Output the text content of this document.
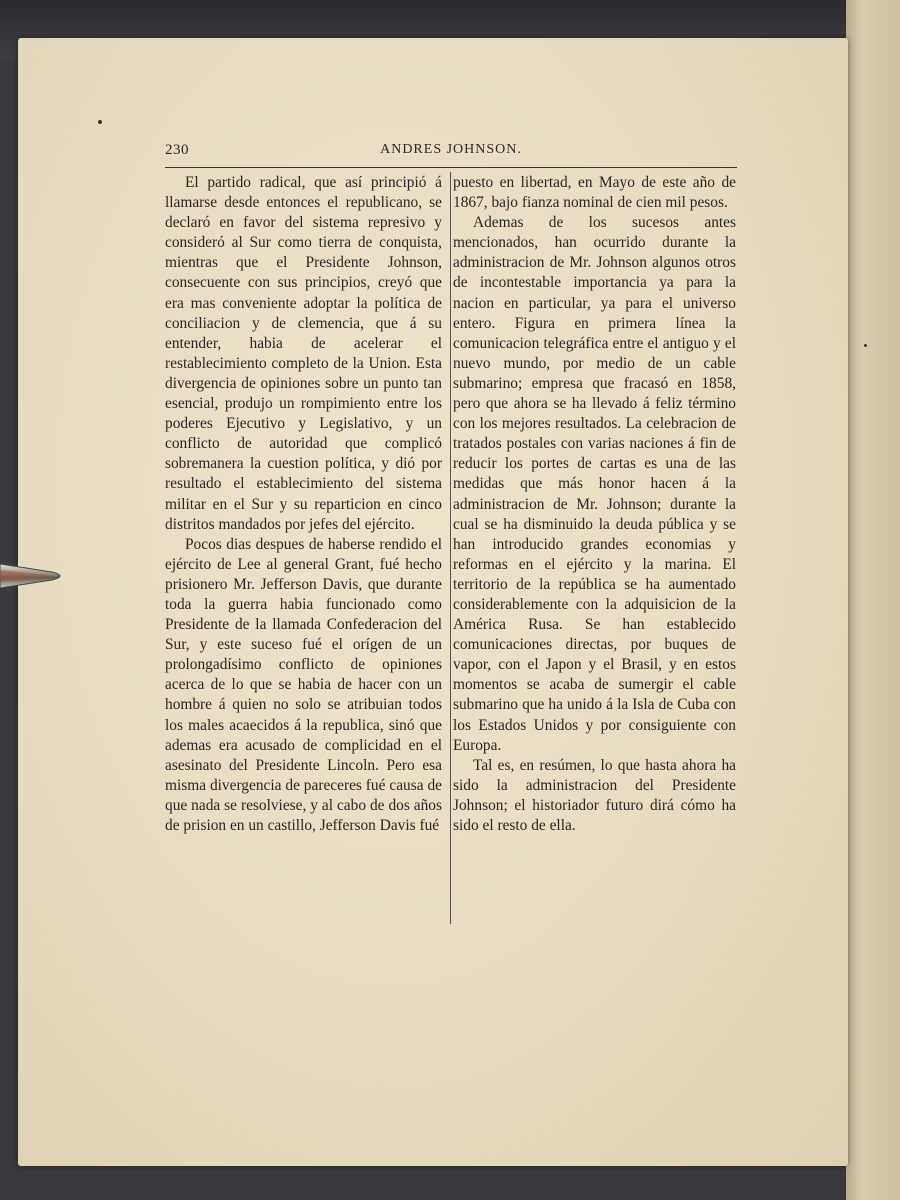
230	ANDRES JOHNSON.

El partido radical, que así principió á llamarse desde entonces el republicano, se declaró en favor del sistema represivo y consideró al Sur como tierra de conquista, mientras que el Presidente Johnson, consecuente con sus principios, creyó que era mas conveniente adoptar la política de conciliacion y de clemencia, que á su entender, habia de acelerar el restablecimiento completo de la Union. Esta divergencia de opiniones sobre un punto tan esencial, produjo un rompimiento entre los poderes Ejecutivo y Legislativo, y un conflicto de autoridad que complicó sobremanera la cuestion política, y dió por resultado el establecimiento del sistema militar en el Sur y su reparticion en cinco distritos mandados por jefes del ejército.

Pocos dias despues de haberse rendido el ejército de Lee al general Grant, fué hecho prisionero Mr. Jefferson Davis, que durante toda la guerra habia funcionado como Presidente de la llamada Confederacion del Sur, y este suceso fué el orígen de un prolongadísimo conflicto de opiniones acerca de lo que se habia de hacer con un hombre á quien no solo se atribuian todos los males acaecidos á la republica, sinó que ademas era acusado de complicidad en el asesinato del Presidente Lincoln. Pero esa misma divergencia de pareceres fué causa de que nada se resolviese, y al cabo de dos años de prision en un castillo, Jefferson Davis fué

puesto en libertad, en Mayo de este año de 1867, bajo fianza nominal de cien mil pesos.

Ademas de los sucesos antes mencionados, han ocurrido durante la administracion de Mr. Johnson algunos otros de incontestable importancia ya para la nacion en particular, ya para el universo entero. Figura en primera línea la comunicacion telegráfica entre el antiguo y el nuevo mundo, por medio de un cable submarino; empresa que fracasó en 1858, pero que ahora se ha llevado á feliz término con los mejores resultados. La celebracion de tratados postales con varias naciones á fin de reducir los portes de cartas es una de las medidas que más honor hacen á la administracion de Mr. Johnson; durante la cual se ha disminuido la deuda pública y se han introducido grandes economias y reformas en el ejército y la marina. El territorio de la república se ha aumentado considerablemente con la adquisicion de la América Rusa. Se han establecido comunicaciones directas, por buques de vapor, con el Japon y el Brasil, y en estos momentos se acaba de sumergir el cable submarino que ha unido á la Isla de Cuba con los Estados Unidos y por consiguiente con Europa.

Tal es, en resúmen, lo que hasta ahora ha sido la administracion del Presidente Johnson; el historiador futuro dirá cómo ha sido el resto de ella.
